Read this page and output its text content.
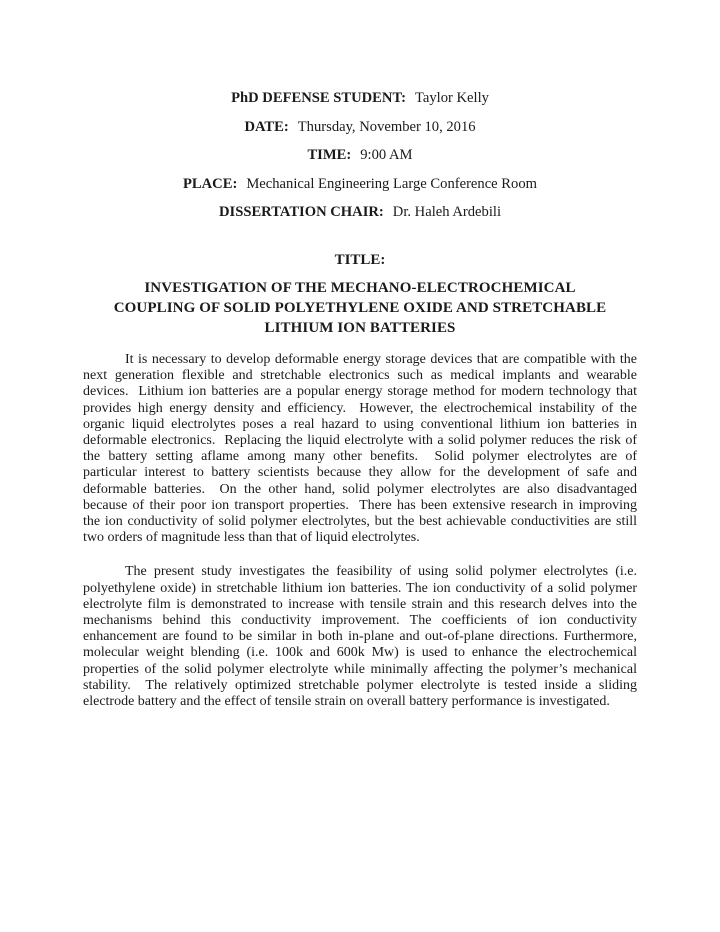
PhD DEFENSE STUDENT: Taylor Kelly
DATE: Thursday, November 10, 2016
TIME: 9:00 AM
PLACE: Mechanical Engineering Large Conference Room
DISSERTATION CHAIR: Dr. Haleh Ardebili
TITLE:
INVESTIGATION OF THE MECHANO-ELECTROCHEMICAL
COUPLING OF SOLID POLYETHYLENE OXIDE AND STRETCHABLE
LITHIUM ION BATTERIES
It is necessary to develop deformable energy storage devices that are compatible with the
next generation flexible and stretchable electronics such as medical implants and wearable
devices.  Lithium ion batteries are a popular energy storage method for modern technology that
provides high energy density and efficiency.  However, the electrochemical instability of the
organic liquid electrolytes poses a real hazard to using conventional lithium ion batteries in
deformable electronics.  Replacing the liquid electrolyte with a solid polymer reduces the risk of
the battery setting aflame among many other benefits.  Solid polymer electrolytes are of
particular interest to battery scientists because they allow for the development of safe and
deformable batteries.  On the other hand, solid polymer electrolytes are also disadvantaged
because of their poor ion transport properties.  There has been extensive research in improving
the ion conductivity of solid polymer electrolytes, but the best achievable conductivities are still
two orders of magnitude less than that of liquid electrolytes.
The present study investigates the feasibility of using solid polymer electrolytes (i.e.
polyethylene oxide) in stretchable lithium ion batteries. The ion conductivity of a solid polymer
electrolyte film is demonstrated to increase with tensile strain and this research delves into the
mechanisms behind this conductivity improvement. The coefficients of ion conductivity
enhancement are found to be similar in both in-plane and out-of-plane directions. Furthermore,
molecular weight blending (i.e. 100k and 600k Mw) is used to enhance the electrochemical
properties of the solid polymer electrolyte while minimally affecting the polymer’s mechanical
stability.  The relatively optimized stretchable polymer electrolyte is tested inside a sliding
electrode battery and the effect of tensile strain on overall battery performance is investigated.
